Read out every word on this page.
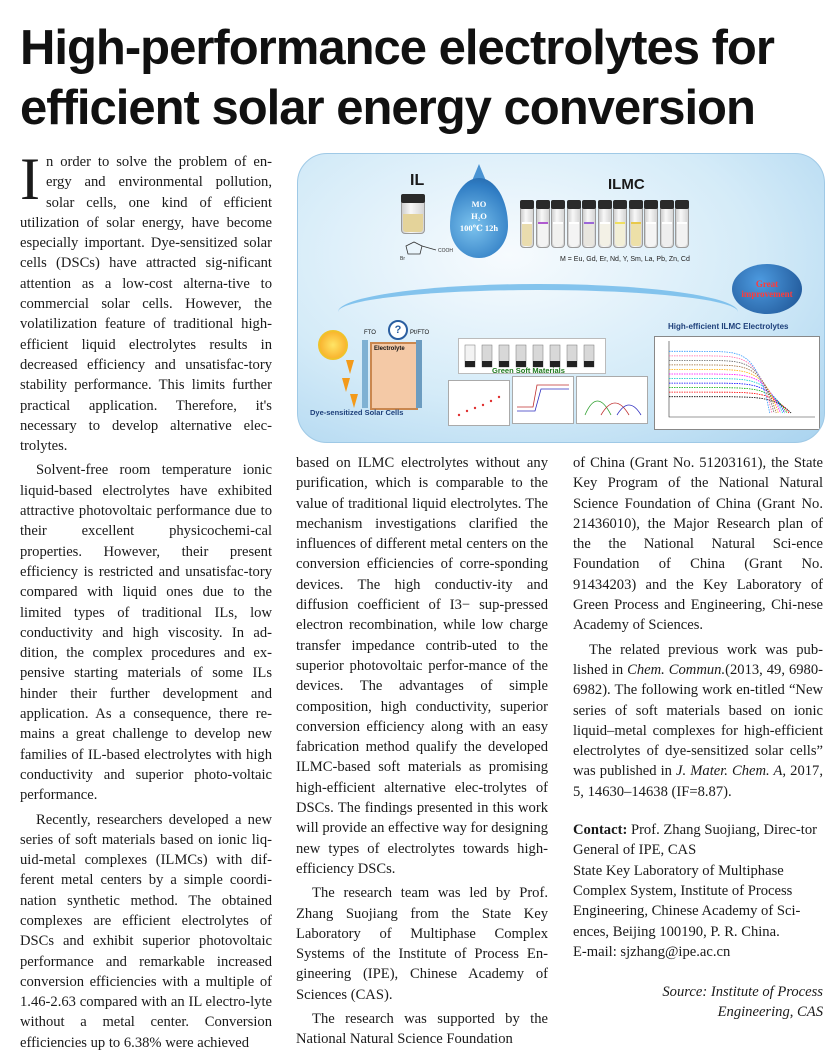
High-performance electrolytes for efficient solar energy conversion
IL
COOH
Br
MO
H₂O
100℃ 12h
ILMC
M = Eu, Gd, Er, Nd, Y, Sm, La, Pb, Zn, Cd
Great improvement
?
FTO	Pt/FTO
Electrolyte
Dye-sensitized Solar Cells
Green Soft Materials
High-efficient ILMC Electrolytes

In order to solve the problem of en-ergy and environmental pollution, solar cells, one kind of efficient utilization of solar energy, have become especially important. Dye-sensitized solar cells (DSCs) have attracted sig-nificant attention as a low-cost alterna-tive to commercial solar cells. However, the volatilization feature of traditional high-efficient liquid electrolytes results in decreased efficiency and unsatisfac-tory stability performance. This limits further practical application. Therefore, it's necessary to develop alternative elec-trolytes.

Solvent-free room temperature ionic liquid-based electrolytes have exhibited attractive photovoltaic performance due to their excellent physicochemi-cal properties. However, their present efficiency is restricted and unsatisfac-tory compared with liquid ones due to the limited types of traditional ILs, low conductivity and high viscosity. In ad-dition, the complex procedures and ex-pensive starting materials of some ILs hinder their further development and application. As a consequence, there re-mains a great challenge to develop new families of IL-based electrolytes with high conductivity and superior photo-voltaic performance.

Recently, researchers developed a new series of soft materials based on ionic liq-uid-metal complexes (ILMCs) with dif-ferent metal centers by a simple coordi-nation synthetic method. The obtained complexes are efficient electrolytes of DSCs and exhibit superior photovoltaic performance and remarkable increased conversion efficiencies with a multiple of 1.46-2.63 compared with an IL electro-lyte without a metal center. Conversion efficiencies up to 6.38% were achieved

based on ILMC electrolytes without any purification, which is comparable to the value of traditional liquid electrolytes. The mechanism investigations clarified the influences of different metal centers on the conversion efficiencies of corre-sponding devices. The high conductiv-ity and diffusion coefficient of I3− sup-pressed electron recombination, while low charge transfer impedance contrib-uted to the superior photovoltaic perfor-mance of the devices. The advantages of simple composition, high conductivity, superior conversion efficiency along with an easy fabrication method qualify the developed ILMC-based soft materials as promising high-efficient alternative elec-trolytes of DSCs. The findings presented in this work will provide an effective way for designing new types of electrolytes towards high-efficiency DSCs.

The research team was led by Prof. Zhang Suojiang from the State Key Laboratory of Multiphase Complex Systems of the Institute of Process En-gineering (IPE), Chinese Academy of Sciences (CAS).

The research was supported by the National Natural Science Foundation

of China (Grant No. 51203161), the State Key Program of the National Natural Science Foundation of China (Grant No. 21436010), the Major Research plan of the the National Natural Sci-ence Foundation of China (Grant No. 91434203) and the Key Laboratory of Green Process and Engineering, Chi-nese Academy of Sciences.

The related previous work was pub-lished in Chem. Commun.(2013, 49, 6980-6982). The following work en-titled “New series of soft materials based on ionic liquid–metal complexes for high-efficient electrolytes of dye-sensitized solar cells” was published in J. Mater. Chem. A, 2017, 5, 14630–14638 (IF=8.87).

Contact: Prof. Zhang Suojiang, Direc-tor General of IPE, CAS

State Key Laboratory of Multiphase Complex System, Institute of Process Engineering, Chinese Academy of Sci-ences, Beijing 100190, P. R. China.
E-mail: sjzhang@ipe.ac.cn
Source: Institute of Process
Engineering, CAS
